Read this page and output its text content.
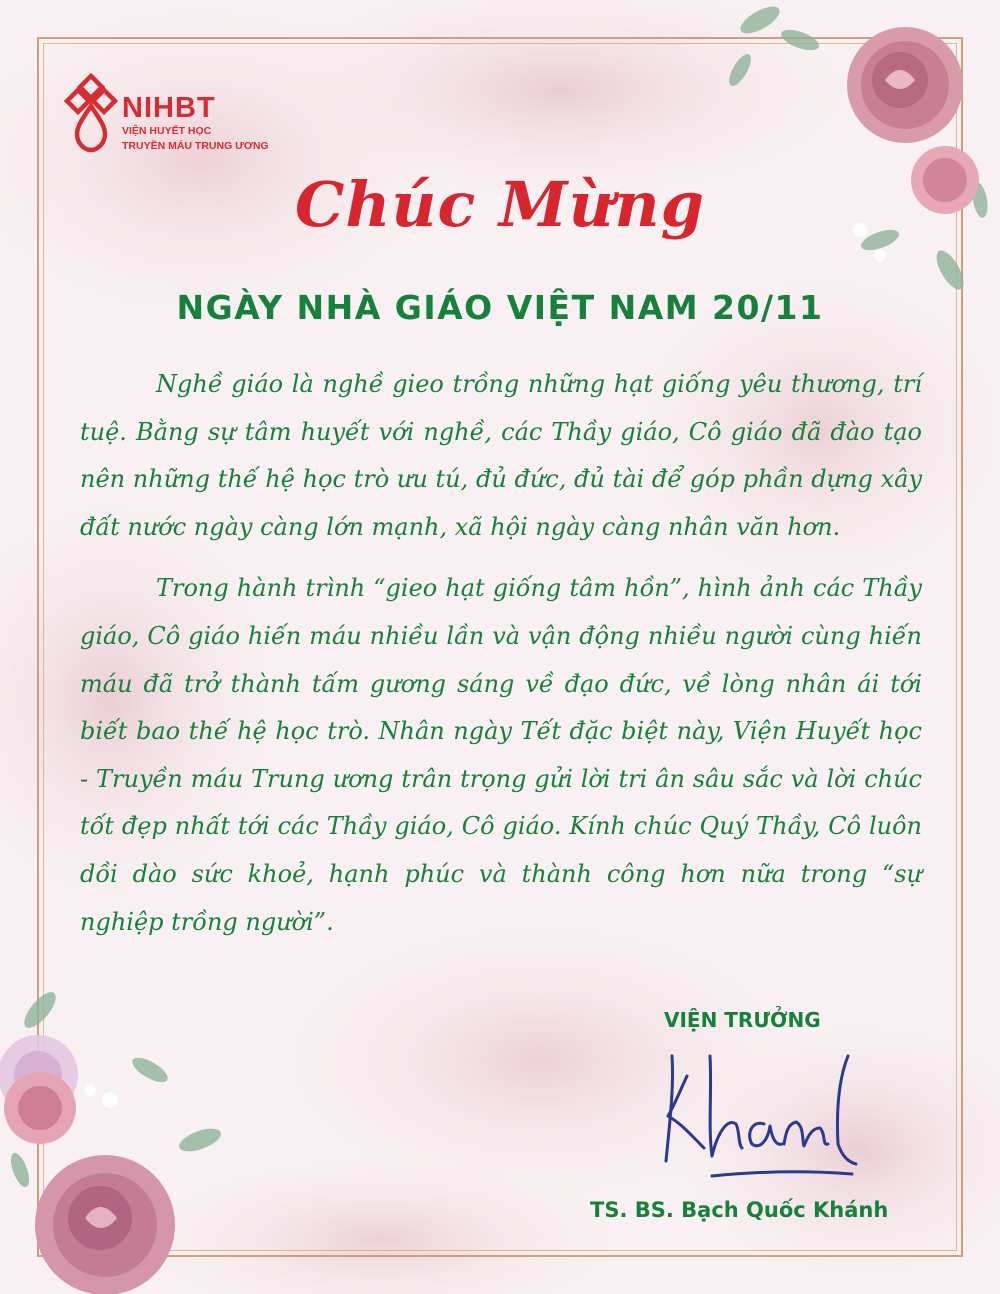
NIHBT
VIỆN HUYẾT HỌC
TRUYỀN MÁU TRUNG ƯƠNG
Chúc Mừng
NGÀY NHÀ GIÁO VIỆT NAM 20/11

Nghề giáo là nghề gieo trồng những hạt giống yêu thương, trí tuệ. Bằng sự tâm huyết với nghề, các Thầy giáo, Cô giáo đã đào tạo nên những thế hệ học trò ưu tú, đủ đức, đủ tài để góp phần dựng xây đất nước ngày càng lớn mạnh, xã hội ngày càng nhân văn hơn.

Trong hành trình “gieo hạt giống tâm hồn”, hình ảnh các Thầy giáo, Cô giáo hiến máu nhiều lần và vận động nhiều người cùng hiến máu đã trở thành tấm gương sáng về đạo đức, về lòng nhân ái tới biết bao thế hệ học trò. Nhân ngày Tết đặc biệt này, Viện Huyết học - Truyền máu Trung ương trân trọng gửi lời tri ân sâu sắc và lời chúc tốt đẹp nhất tới các Thầy giáo, Cô giáo. Kính chúc Quý Thầy, Cô luôn dồi dào sức khoẻ, hạnh phúc và thành công hơn nữa trong “sự nghiệp trồng người”.

VIỆN TRƯỞNG
TS. BS. Bạch Quốc Khánh
